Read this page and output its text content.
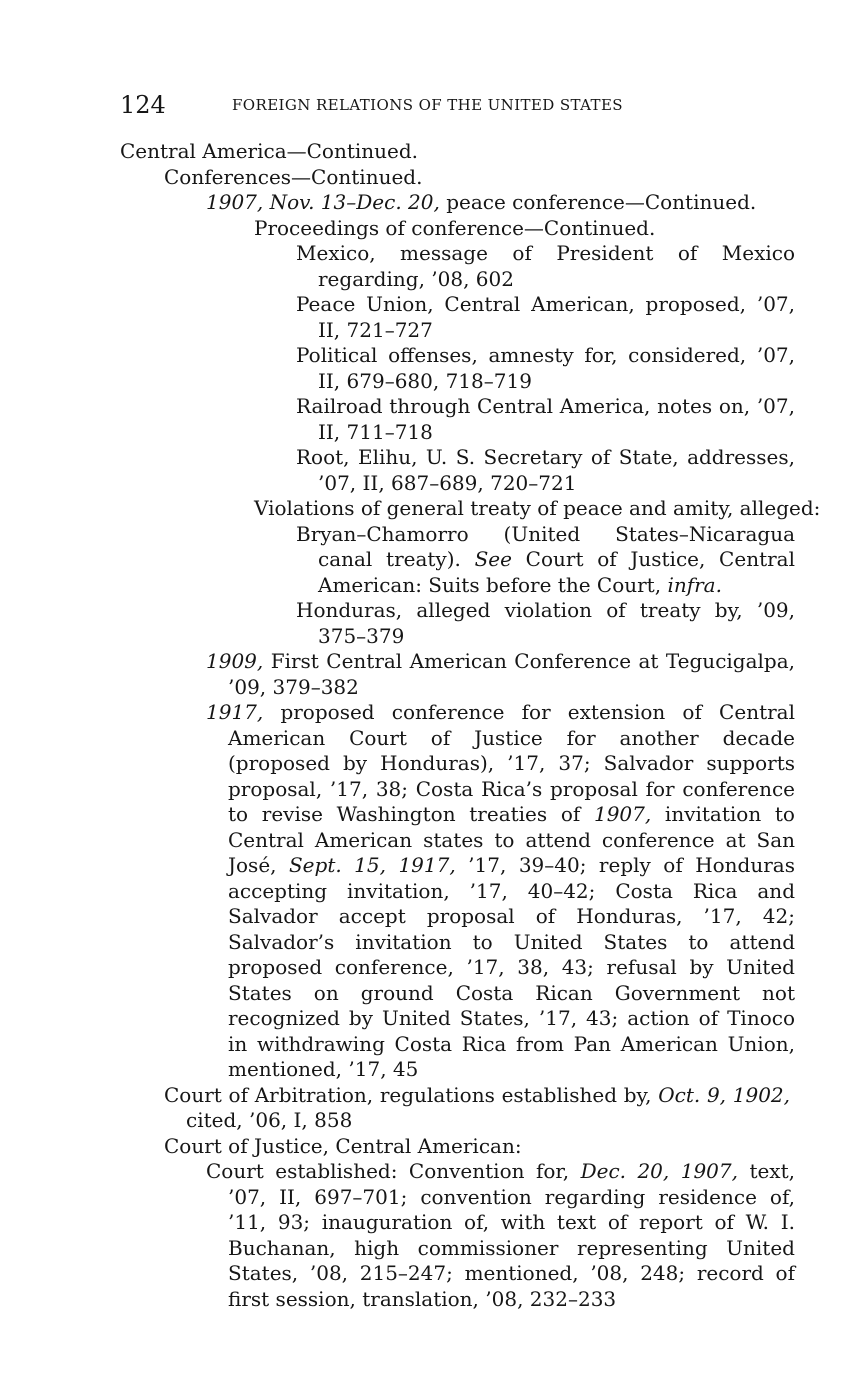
124	FOREIGN RELATIONS OF THE UNITED STATES

Central America—Continued.

Conferences—Continued.

1907, Nov. 13–Dec. 20, peace conference—Continued.

Proceedings of conference—Continued.

Mexico, message of President of Mexico regarding, ’08, 602

Peace Union, Central American, proposed, ’07, II, 721–727

Political offenses, amnesty for, considered, ’07, II, 679–680, 718–719

Railroad through Central America, notes on, ’07, II, 711–718

Root, Elihu, U. S. Secretary of State, addresses, ’07, II, 687–689, 720–721

Violations of general treaty of peace and amity, alleged:

Bryan–Chamorro (United States–Nicaragua canal treaty). See Court of Justice, Central American: Suits before the Court, infra.

Honduras, alleged violation of treaty by, ’09, 375–379

1909, First Central American Conference at Tegucigalpa, ’09, 379–382

1917, proposed conference for extension of Central American Court of Justice for another decade (proposed by Honduras), ’17, 37; Salvador supports proposal, ’17, 38; Costa Rica’s proposal for conference to revise Washington treaties of 1907, invitation to Central American states to attend conference at San José, Sept. 15, 1917, ’17, 39–40; reply of Honduras accepting invitation, ’17, 40–42; Costa Rica and Salvador accept proposal of Honduras, ’17, 42; Salvador’s invitation to United States to attend proposed conference, ’17, 38, 43; refusal by United States on ground Costa Rican Government not recognized by United States, ’17, 43; action of Tinoco in withdrawing Costa Rica from Pan American Union, mentioned, ’17, 45

Court of Arbitration, regulations established by, Oct. 9, 1902, cited, ’06, I, 858

Court of Justice, Central American:

Court established: Convention for, Dec. 20, 1907, text, ’07, II, 697–701; convention regarding residence of, ’11, 93; inauguration of, with text of report of W. I. Buchanan, high commissioner representing United States, ’08, 215–247; mentioned, ’08, 248; record of first session, translation, ’08, 232–233
